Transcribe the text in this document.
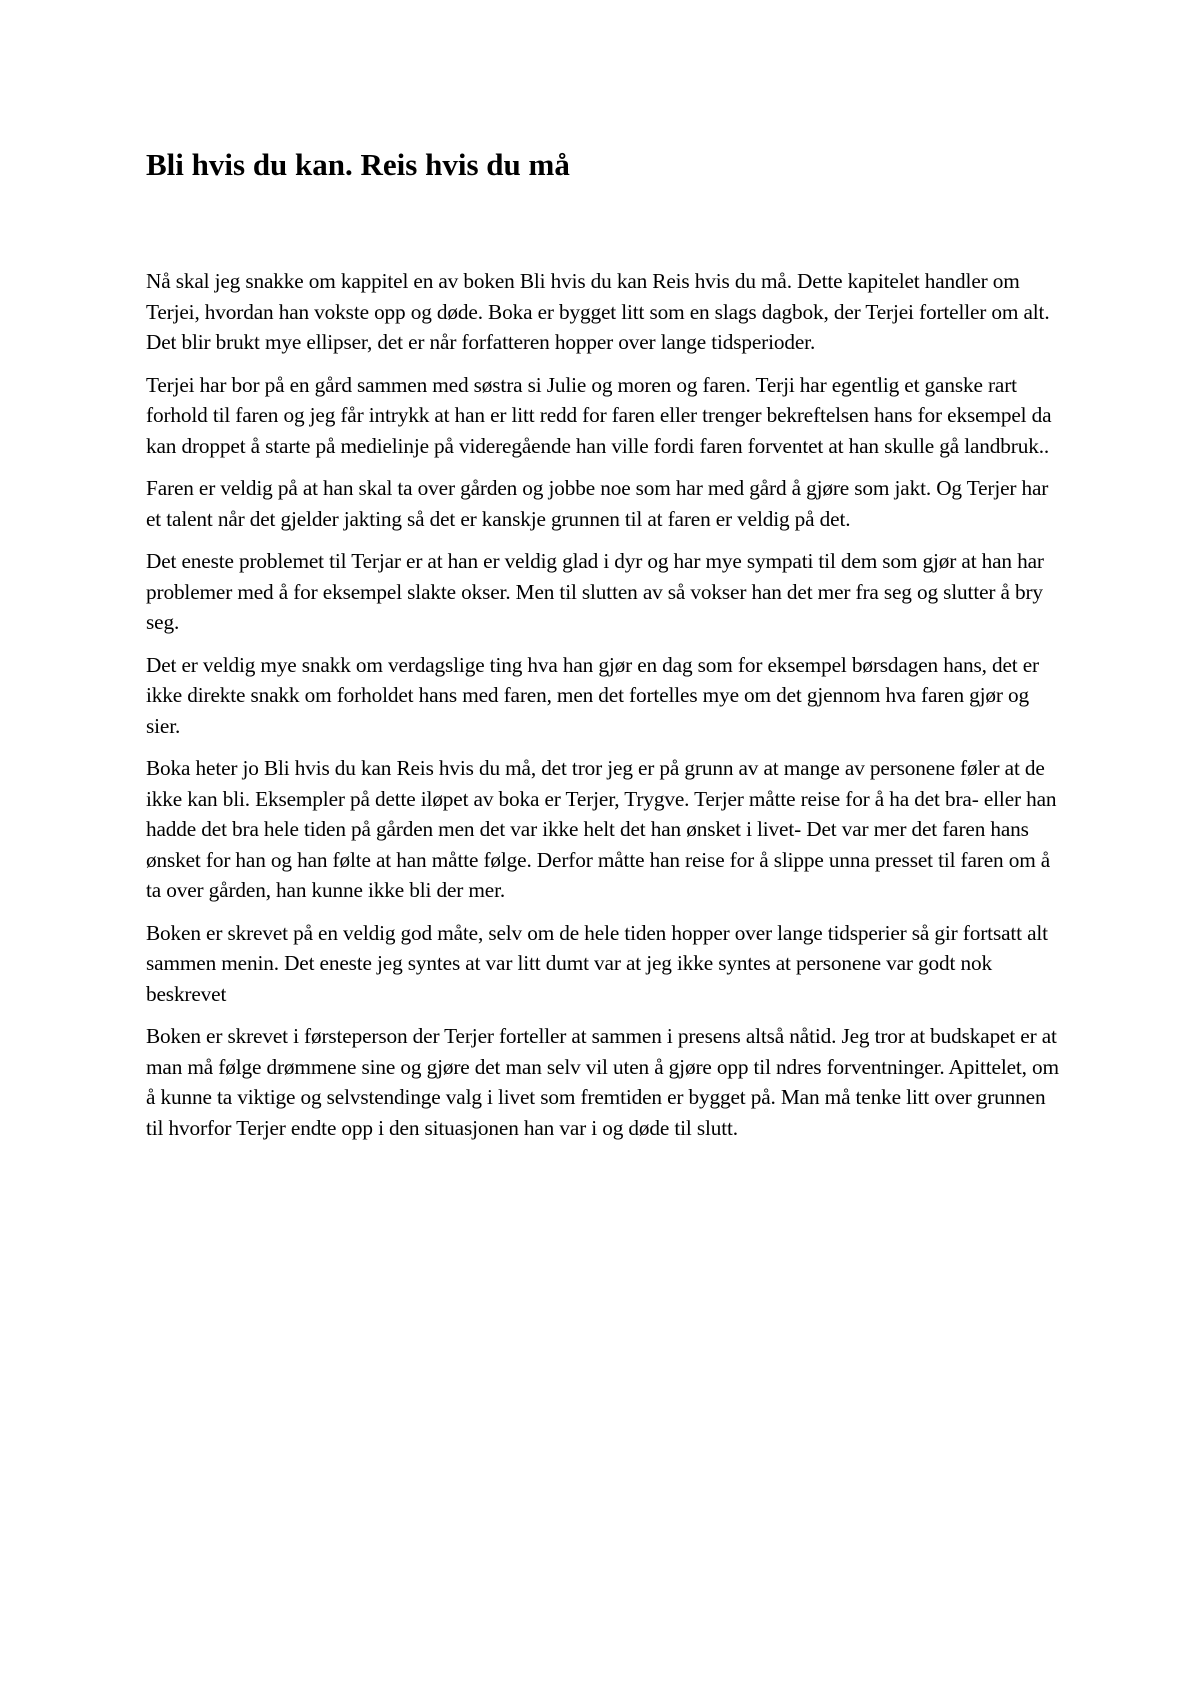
Bli hvis du kan. Reis hvis du må

Nå skal jeg snakke om kappitel en av boken Bli hvis du kan Reis hvis du må. Dette kapitelet handler om Terjei, hvordan han vokste opp og døde. Boka er bygget litt som en slags dagbok, der Terjei forteller om alt. Det blir brukt mye ellipser, det er når forfatteren hopper over lange tidsperioder.

Terjei har bor på en gård sammen med søstra si Julie og moren og faren. Terji har egentlig et ganske rart forhold til faren og jeg får intrykk at han er litt redd for faren eller trenger bekreftelsen hans for eksempel da kan droppet å starte på medielinje på videregående han ville fordi faren forventet at han skulle gå landbruk..

Faren er veldig på at han skal ta over gården og jobbe noe som har med gård å gjøre som jakt. Og Terjer har et talent når det gjelder jakting så det er kanskje grunnen til at faren er veldig på det.

Det eneste problemet til Terjar er at han er veldig glad i dyr og har mye sympati til dem som gjør at han har problemer med å for eksempel slakte okser. Men til slutten av så vokser han det mer fra seg og slutter å bry seg.

Det er veldig mye snakk om verdagslige ting hva han gjør en dag som for eksempel børsdagen hans, det er ikke direkte snakk om forholdet hans med faren, men det fortelles mye om det gjennom hva faren gjør og sier.

Boka heter jo Bli hvis du kan Reis hvis du må, det tror jeg er på grunn av at mange av personene føler at de ikke kan bli. Eksempler på dette iløpet av boka er Terjer, Trygve. Terjer måtte reise for å ha det bra- eller han hadde det bra hele tiden på gården men det var ikke helt det han ønsket i livet- Det var mer det faren hans ønsket for han og han følte at han måtte følge. Derfor måtte han reise for å slippe unna presset til faren om å ta over gården, han kunne ikke bli der mer.

Boken er skrevet på en veldig god måte, selv om de hele tiden hopper over lange tidsperier så gir fortsatt alt sammen menin. Det eneste jeg syntes at var litt dumt var at jeg ikke syntes at personene var godt nok beskrevet

Boken er skrevet i førsteperson der Terjer forteller at sammen i presens altså nåtid. Jeg tror at budskapet er at man må følge drømmene sine og gjøre det man selv vil uten å gjøre opp til ndres forventninger. Apittelet, om å kunne ta viktige og selvstendinge valg i livet som fremtiden er bygget på. Man må tenke litt over grunnen til hvorfor Terjer endte opp i den situasjonen han var i og døde til slutt.
